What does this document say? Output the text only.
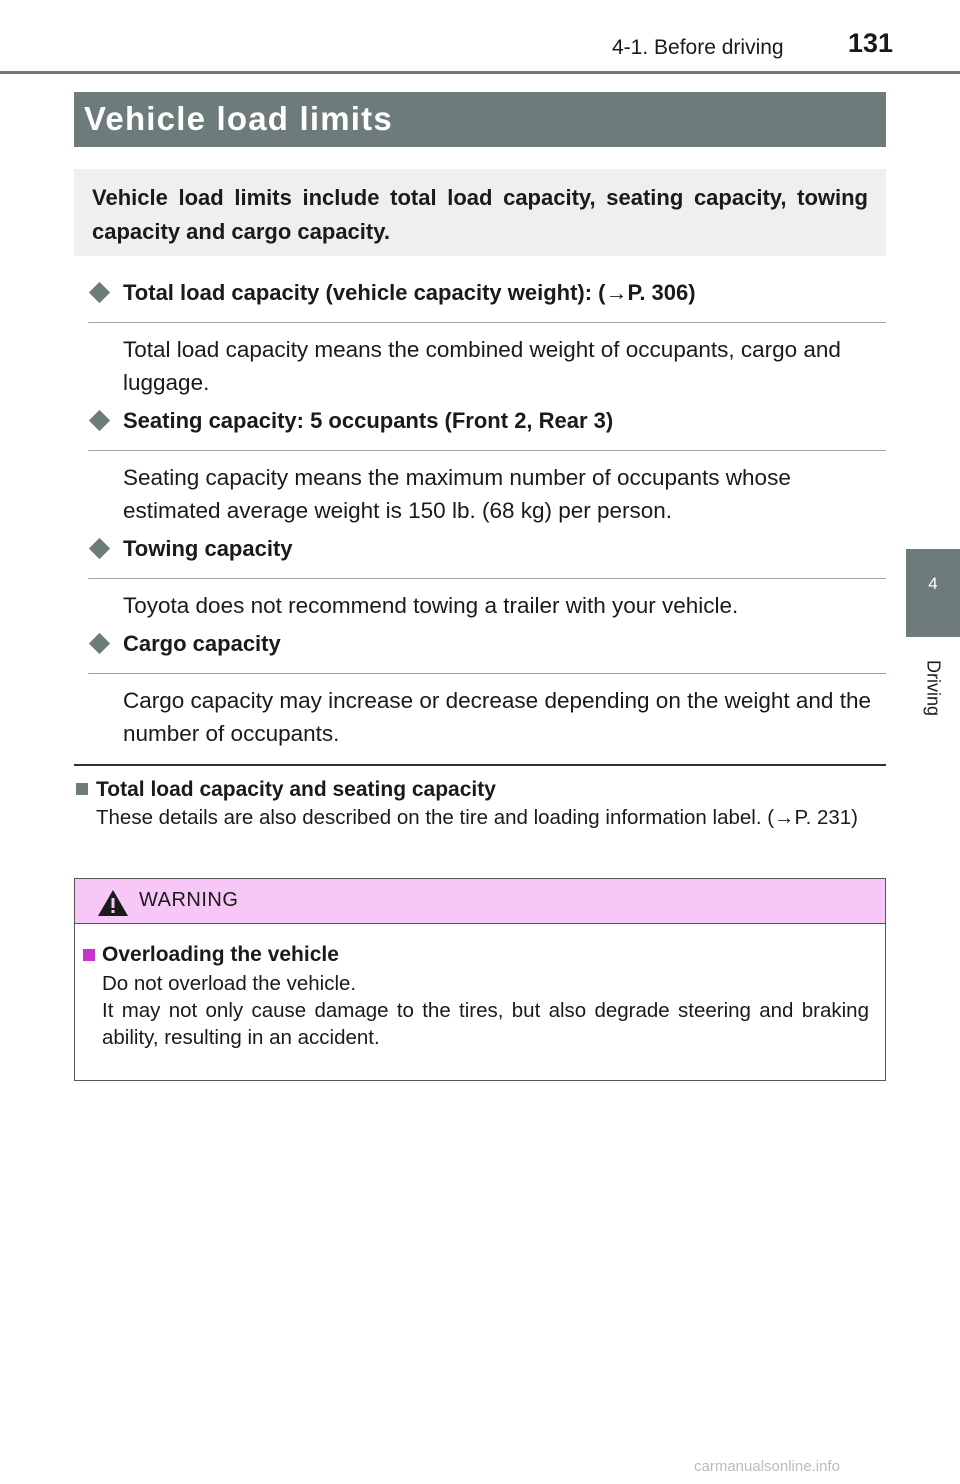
4-1. Before driving 131
4
Driving
Vehicle load limits
Vehicle load limits include total load capacity, seating capacity, towing capacity and cargo capacity.
Total load capacity (vehicle capacity weight): (→P. 306)
Total load capacity means the combined weight of occupants, cargo and luggage.
Seating capacity: 5 occupants (Front 2, Rear 3)
Seating capacity means the maximum number of occupants whose estimated average weight is 150 lb. (68 kg) per person.
Towing capacity
Toyota does not recommend towing a trailer with your vehicle.
Cargo capacity
Cargo capacity may increase or decrease depending on the weight and the number of occupants.
Total load capacity and seating capacity
These details are also described on the tire and loading information label. (→P. 231)
WARNING
Overloading the vehicle
Do not overload the vehicle.
It may not only cause damage to the tires, but also degrade steering and braking ability, resulting in an accident.
carmanualsonline.info
